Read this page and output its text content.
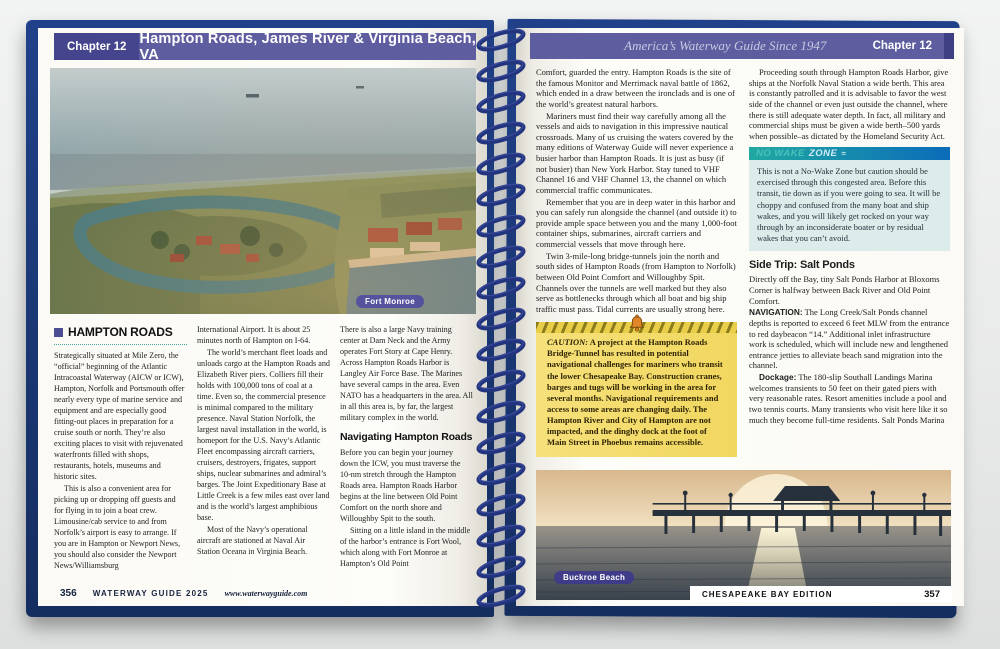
Chapter 12 Hampton Roads, James River & Virginia Beach, VA
Fort Monroe
HAMPTON ROADS

Strategically situated at Mile Zero, the “official” beginning of the Atlantic Intracoastal Waterway (AICW or ICW), Hampton, Norfolk and Portsmouth offer nearly every type of marine service and equipment and are especially good fitting-out places in preparation for a cruise south or north. They’re also exciting places to visit with rejuvenated waterfronts filled with shops, restaurants, hotels, museums and historic sites.

This is also a convenient area for picking up or dropping off guests and for flying in to join a boat crew. Limousine/cab service to and from Norfolk’s airport is easy to arrange. If you are in Hampton or Newport News, you should also consider the Newport News/Williamsburg

International Airport. It is about 25 minutes north of Hampton on I-64.

The world’s merchant fleet loads and unloads cargo at the Hampton Roads and Elizabeth River piers. Colliers fill their holds with 100,000 tons of coal at a time. Even so, the commercial presence is minimal compared to the military presence. Naval Station Norfolk, the largest naval installation in the world, is homeport for the U.S. Navy’s Atlantic Fleet encompassing aircraft carriers, cruisers, destroyers, frigates, support ships, nuclear submarines and admiral’s barges. The Joint Expeditionary Base at Little Creek is a few miles east over land and is the world’s largest amphibious base.

Most of the Navy’s operational aircraft are stationed at Naval Air Station Oceana in Virginia Beach.

There is also a large Navy training center at Dam Neck and the Army operates Fort Story at Cape Henry. Across Hampton Roads Harbor is Langley Air Force Base. The Marines have several camps in the area. Even NATO has a headquarters in the area. All in all this area is, by far, the largest military complex in the world.

Navigating Hampton Roads

Before you can begin your journey down the ICW, you must traverse the 10-nm stretch through the Hampton Roads area. Hampton Roads Harbor begins at the line between Old Point Comfort on the north shore and Willoughby Spit to the south.

Sitting on a little island in the middle of the harbor’s entrance is Fort Wool, which along with Fort Monroe at Hampton’s Old Point

356 WATERWAY GUIDE 2025 www.waterwayguide.com
America’s Waterway Guide Since 1947	Chapter 12

Comfort, guarded the entry. Hampton Roads is the site of the famous Monitor and Merrimack naval battle of 1862, which ended in a draw between the ironclads and is one of the world’s greatest natural harbors.

Mariners must find their way carefully among all the vessels and aids to navigation in this impressive nautical crossroads. Many of us cruising the waters covered by the many editions of Waterway Guide will never experience a busier harbor than Hampton Roads. It is just as busy (if not busier) than New York Harbor. Stay tuned to VHF Channel 16 and VHF Channel 13, the channel on which commercial traffic communicates.

Remember that you are in deep water in this harbor and you can safely run alongside the channel (and outside it) to provide ample space between you and the many 1,000-foot container ships, submarines, aircraft carriers and commercial vessels that move through here.

Twin 3-mile-long bridge-tunnels join the north and south sides of Hampton Roads (from Hampton to Norfolk) between Old Point Comfort and Willoughby Spit. Channels over the tunnels are well marked but they also serve as bottlenecks through which all boat and big ship traffic must pass. Tidal currents are usually strong here.

CAUTION: A project at the Hampton Roads Bridge-Tunnel has resulted in potential navigational challenges for mariners who transit the lower Chesapeake Bay. Construction cranes, barges and tugs will be working in the area for several months. Navigational requirements and access to some areas are changing daily. The Hampton River and City of Hampton are not impacted, and the dinghy dock at the foot of Main Street in Phoebus remains accessible.

Proceeding south through Hampton Roads Harbor, give ships at the Norfolk Naval Station a wide berth. This area is constantly patrolled and it is advisable to favor the west side of the channel or even just outside the channel, where there is still adequate water depth. In fact, all military and commercial ships must be given a wide berth–500 yards when possible–as dictated by the Homeland Security Act.

NO WAKE ZONE ≈
This is not a No-Wake Zone but caution should be exercised through this congested area. Before this transit, tie down as if you were going to sea. It will be choppy and confused from the many boat and ship wakes, and you will likely get rocked on your way through by an inconsiderate boater or by residual wakes that you can’t avoid.

Side Trip: Salt Ponds

Directly off the Bay, tiny Salt Ponds Harbor at Bloxoms Corner is halfway between Back River and Old Point Comfort.

NAVIGATION: The Long Creek/Salt Ponds channel depths is reported to exceed 6 feet MLW from the entrance to red daybeacon “14.” Additional inlet infrastructure work is scheduled, which will include new and lengthened entrance jetties to alleviate beach sand migration into the channel.

Dockage: The 180-slip Southall Landings Marina welcomes transients to 50 feet on their gated piers with very reasonable rates. Resort amenities include a pool and two tennis courts. Many transients who visit here like it so much they become full-time residents. Salt Ponds Marina

Buckroe Beach
CHESAPEAKE BAY EDITION	357
